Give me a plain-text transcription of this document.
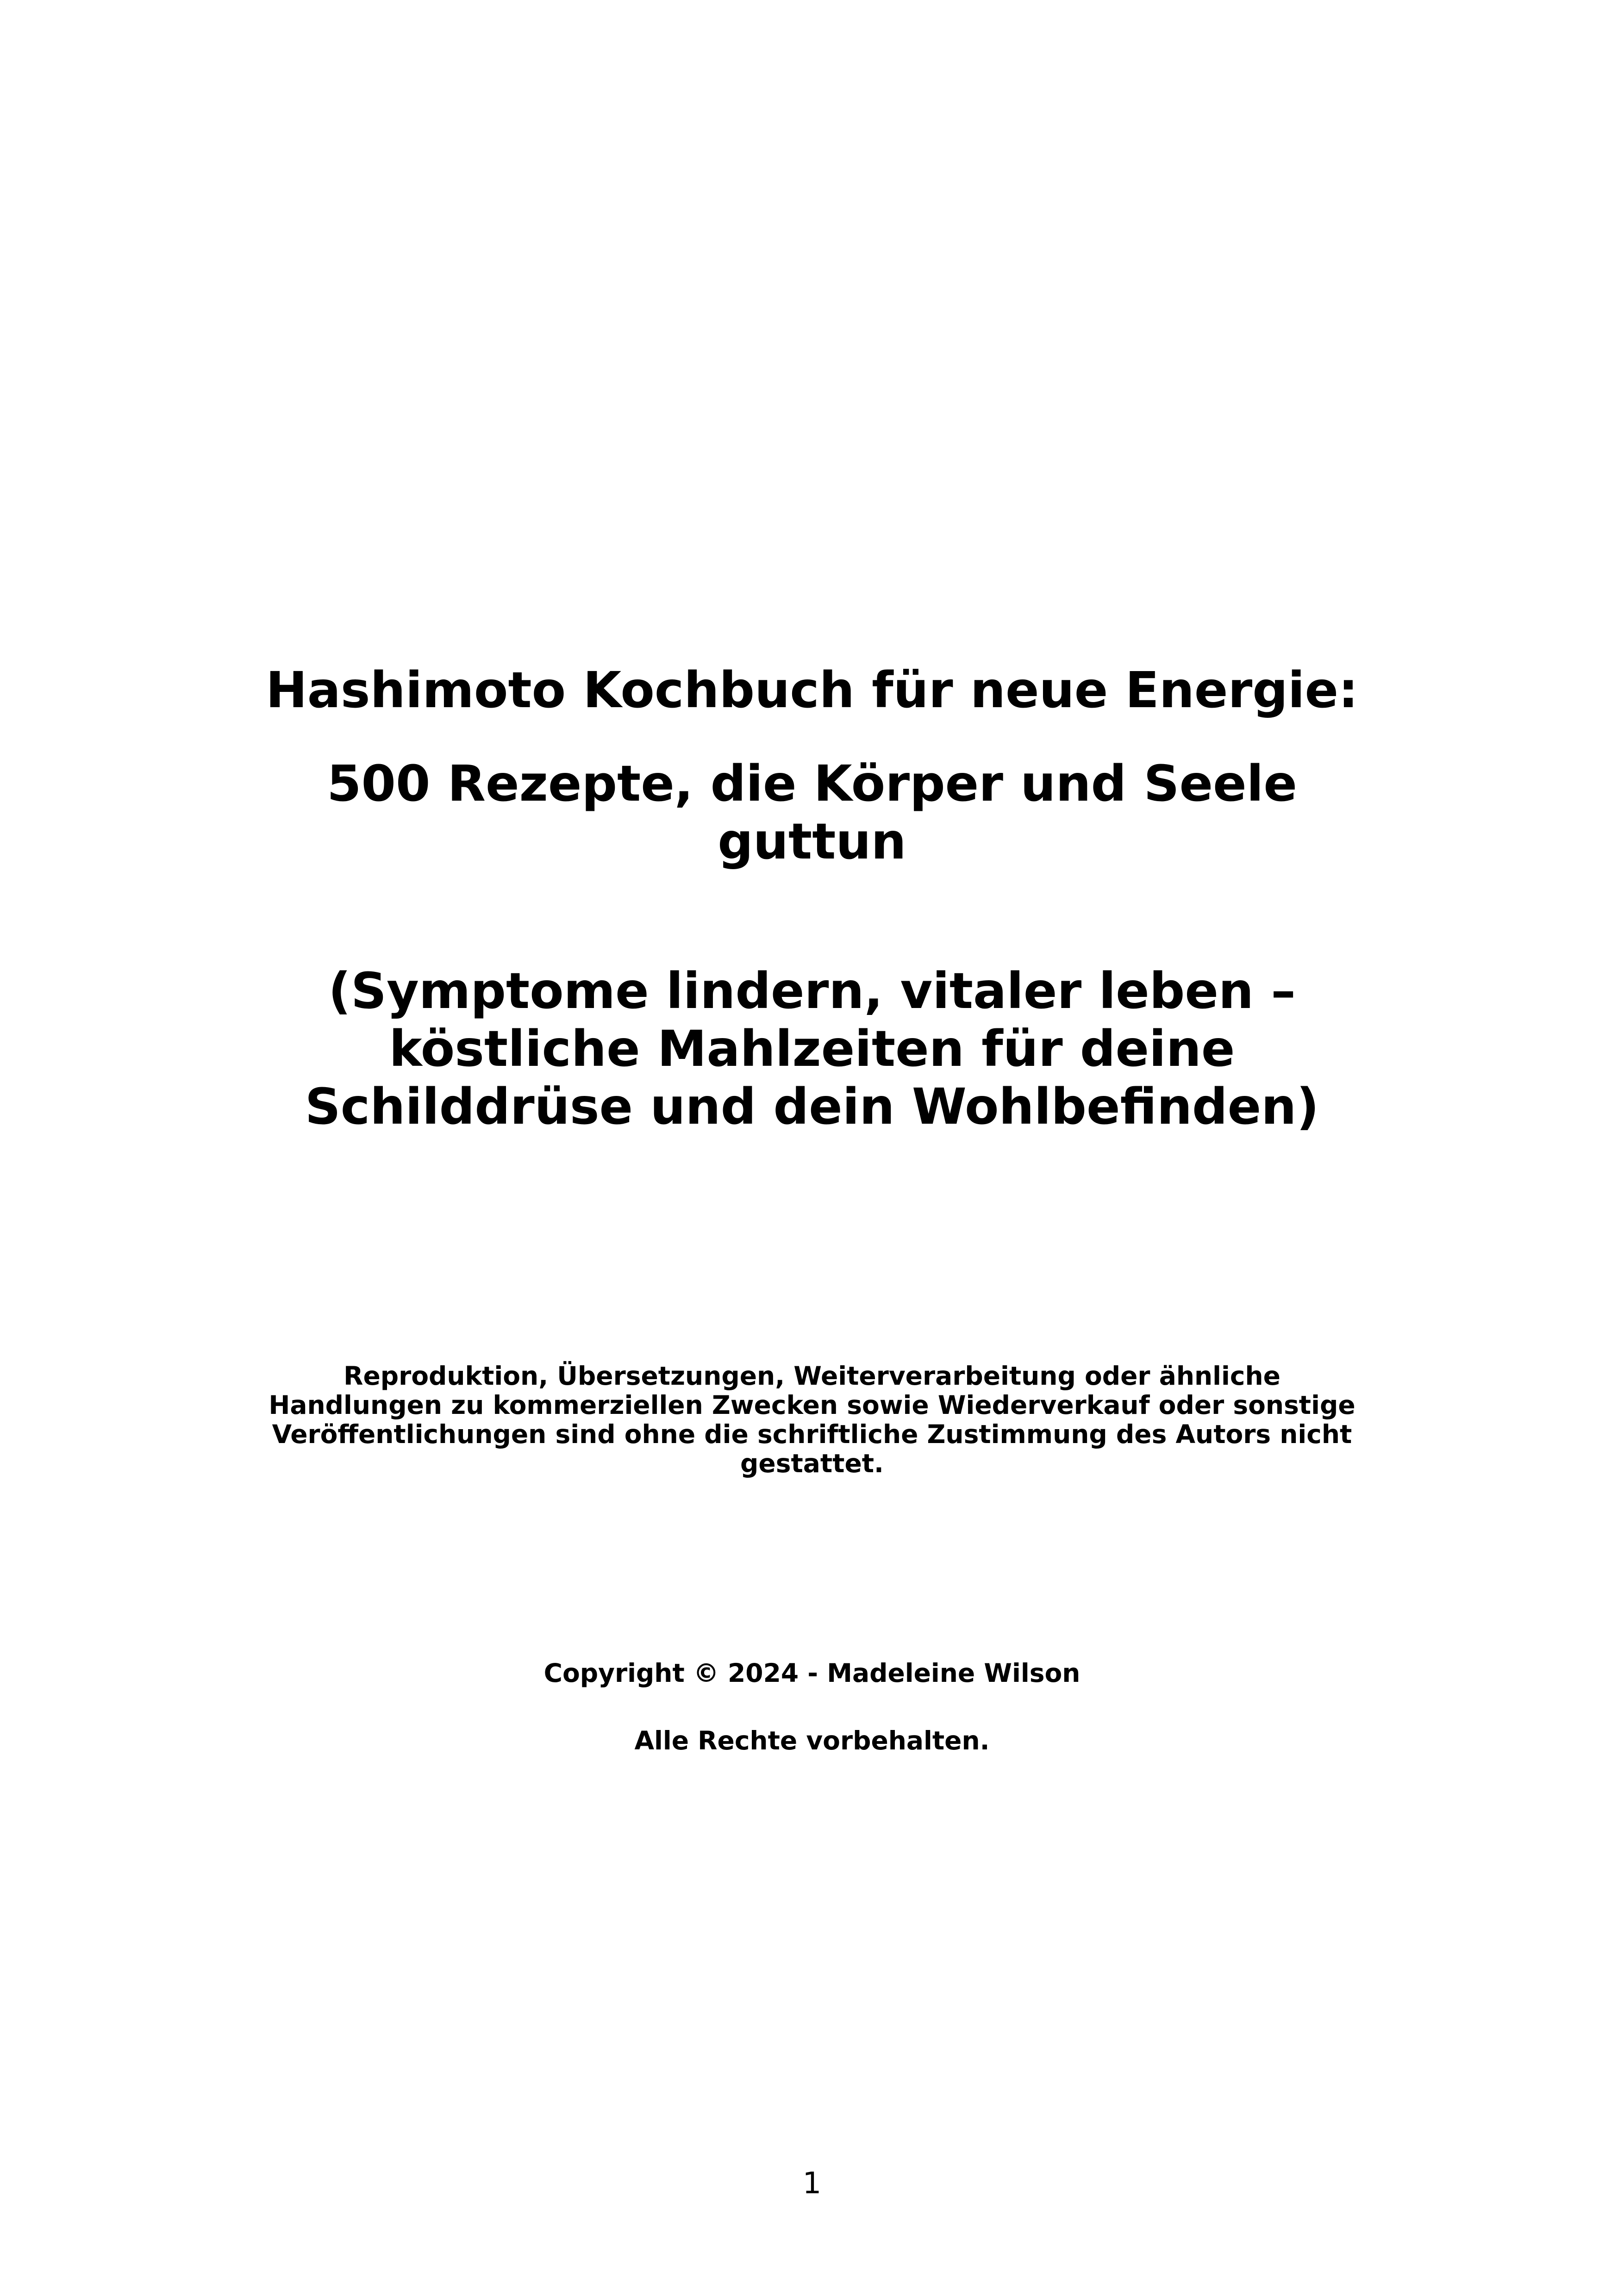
Hashimoto Kochbuch für neue Energie:
500 Rezepte, die Körper und Seele
guttun
(Symptome lindern, vitaler leben –
köstliche Mahlzeiten für deine
Schilddrüse und dein Wohlbefinden)
Reproduktion, Übersetzungen, Weiterverarbeitung oder ähnliche
Handlungen zu kommerziellen Zwecken sowie Wiederverkauf oder sonstige
Veröffentlichungen sind ohne die schriftliche Zustimmung des Autors nicht
gestattet.
Copyright © 2024 - Madeleine Wilson
Alle Rechte vorbehalten.
1
